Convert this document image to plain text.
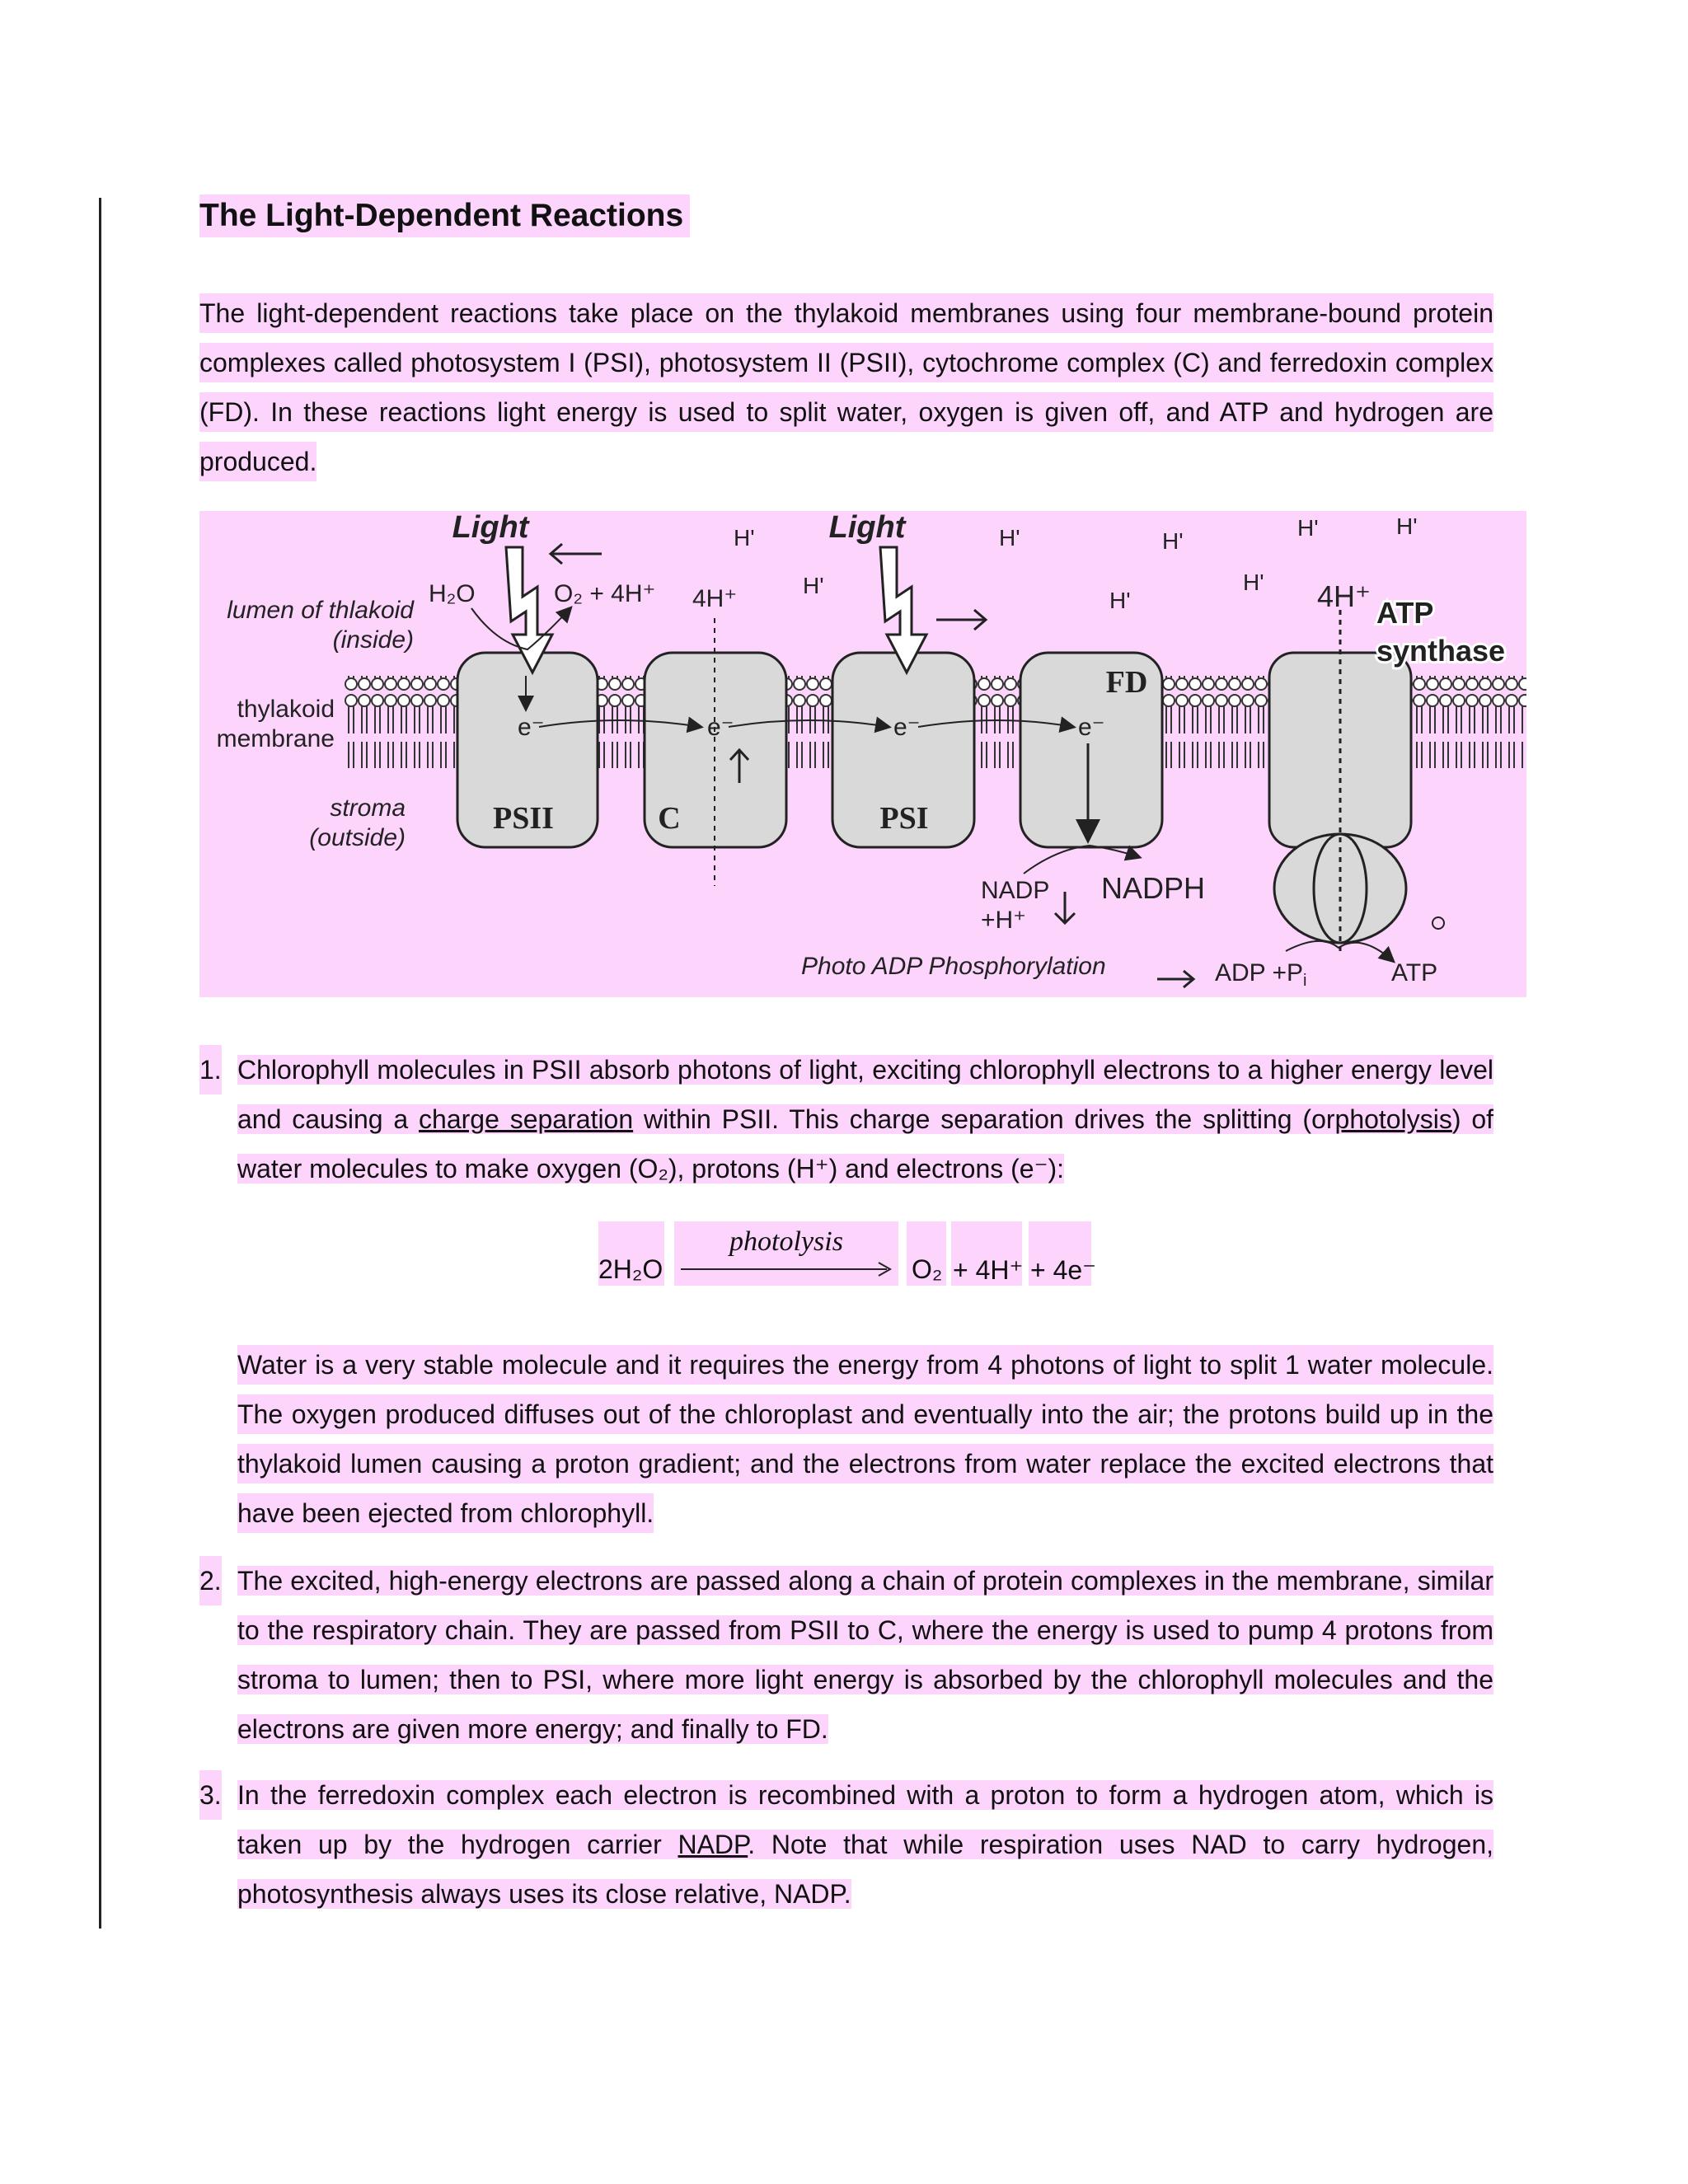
The Light-Dependent Reactions
The light-dependent reactions take place on the thylakoid membranes using four membrane-bound protein complexes called photosystem I (PSI), photosystem II (PSII), cytochrome complex (C) and ferredoxin complex (FD). In these reactions light energy is used to split water, oxygen is given off, and ATP and hydrogen are produced.
lumen of thlakoid
(inside)
thylakoid
membrane
stroma
(outside)
PSII	C	PSI
FD
Light	Light
H₂O	O₂ + 4H⁺ 4H⁺	4H⁺
H'
H'
H'	H'
H'
H'
H'	H'
ATP
synthase
e⁻	e⁻	e⁻	e⁻
NADP
+H⁺
NADPH
Photo ADP Phosphorylation	ADP $+P_i$	ATP
1. Chlorophyll molecules in PSII absorb photons of light, exciting chlorophyll electrons to a higher energy level and causing a charge separation within PSII. This charge separation drives the splitting (orphotolysis) of water molecules to make oxygen (O₂), protons (H⁺) and electrons (e⁻):
2H₂O
photolysis
O₂ + 4H⁺ + 4e⁻
Water is a very stable molecule and it requires the energy from 4 photons of light to split 1 water molecule. The oxygen produced diffuses out of the chloroplast and eventually into the air; the protons build up in the thylakoid lumen causing a proton gradient; and the electrons from water replace the excited electrons that have been ejected from chlorophyll.
2. The excited, high-energy electrons are passed along a chain of protein complexes in the membrane, similar to the respiratory chain. They are passed from PSII to C, where the energy is used to pump 4 protons from stroma to lumen; then to PSI, where more light energy is absorbed by the chlorophyll molecules and the electrons are given more energy; and finally to FD.
3. In the ferredoxin complex each electron is recombined with a proton to form a hydrogen atom, which is taken up by the hydrogen carrier NADP. Note that while respiration uses NAD to carry hydrogen, photosynthesis always uses its close relative, NADP.
